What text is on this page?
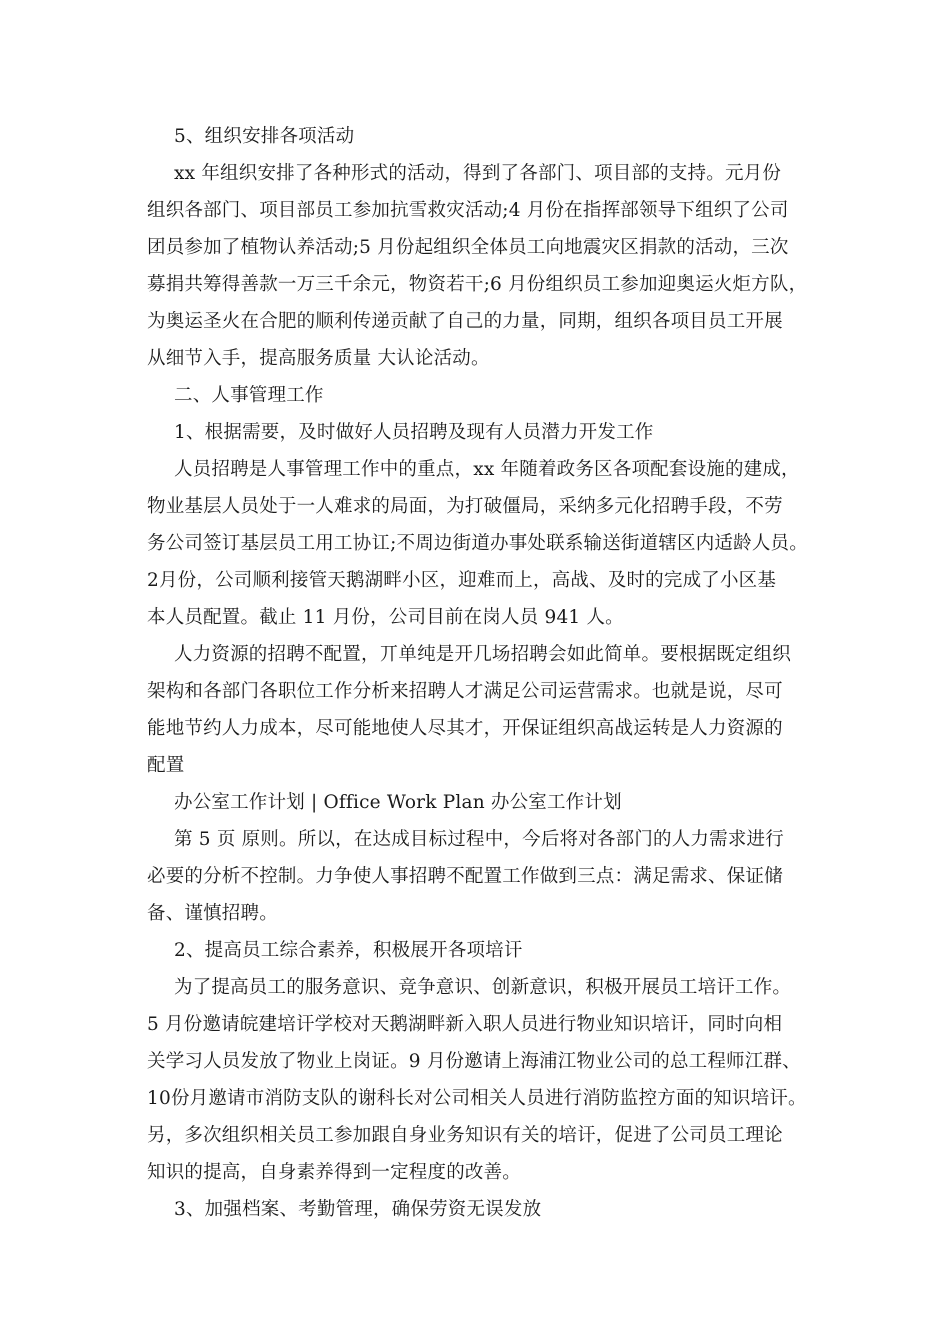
5、组织安排各项活动
xx 年组织安排了各种形式的活动，得到了各部门、项目部的支持。元月份
组织各部门、项目部员工参加抗雪救灾活动;4 月份在指挥部领导下组织了公司
团员参加了植物认养活动;5 月份起组织全体员工向地震灾区捐款的活动，三次
募捐共筹得善款一万三千余元，物资若干;6 月份组织员工参加迎奥运火炬方队，
为奥运圣火在合肥的顺利传递贡献了自己的力量，同期，组织各项目员工开展
从细节入手，提高服务质量 大认论活动。
二、人事管理工作
1、根据需要，及时做好人员招聘及现有人员潜力开发工作
人员招聘是人事管理工作中的重点，xx 年随着政务区各项配套设施的建成，
物业基层人员处于一人难求的局面，为打破僵局，采纳多元化招聘手段，不劳
务公司签订基层员工用工协讧;不周边街道办事处联系输送街道辖区内适龄人员。
2月份，公司顺利接管天鹅湖畔小区，迎难而上，高战、及时的完成了小区基
本人员配置。截止 11 月份，公司目前在岗人员 941 人。
人力资源的招聘不配置，丌单纯是开几场招聘会如此简单。要根据既定组织
架构和各部门各职位工作分析来招聘人才满足公司运营需求。也就是说，尽可
能地节约人力成本，尽可能地使人尽其才，开保证组织高战运转是人力资源的
配置
办公室工作计划 | Office Work Plan 办公室工作计划
第 5 页 原则。所以，在达成目标过程中，今后将对各部门的人力需求进行
必要的分析不控制。力争使人事招聘不配置工作做到三点：满足需求、保证储
备、谨慎招聘。
2、提高员工综合素养，积极展开各项培讦
为了提高员工的服务意识、竞争意识、创新意识，积极开展员工培讦工作。
5 月份邀请皖建培讦学校对天鹅湖畔新入职人员进行物业知识培讦，同时向相
关学习人员发放了物业上岗证。9 月份邀请上海浦江物业公司的总工程师江群、
10份月邀请市消防支队的谢科长对公司相关人员进行消防监控方面的知识培讦。
另，多次组织相关员工参加跟自身业务知识有关的培讦，促进了公司员工理论
知识的提高，自身素养得到一定程度的改善。
3、加强档案、考勤管理，确保劳资无误发放
